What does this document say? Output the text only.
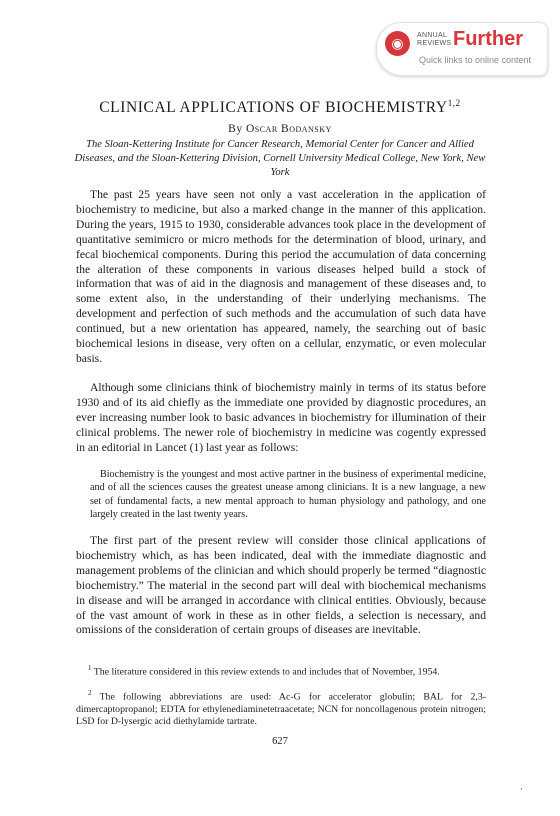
◉	ANNUAL
REVIEWS Further
Quick links to online content
CLINICAL APPLICATIONS OF BIOCHEMISTRY$^{1,2}$
By Oscar Bodansky
The Sloan-Kettering Institute for Cancer Research, Memorial Center for Cancer and Allied Diseases, and the Sloan-Kettering Division, Cornell University Medical College, New York, New York

The past 25 years have seen not only a vast acceleration in the application of biochemistry to medicine, but also a marked change in the manner of this application. During the years, 1915 to 1930, considerable advances took place in the development of quantitative semimicro or micro methods for the determination of blood, urinary, and fecal biochemical components. During this period the accumulation of data concerning the alteration of these components in various diseases helped build a stock of information that was of aid in the diagnosis and management of these diseases and, to some extent also, in the understanding of their underlying mechanisms. The development and perfection of such methods and the accumulation of such data have continued, but a new orientation has appeared, namely, the searching out of basic biochemical lesions in disease, very often on a cellular, enzymatic, or even molecular basis.

Although some clinicians think of biochemistry mainly in terms of its status before 1930 and of its aid chiefly as the immediate one provided by diagnostic procedures, an ever increasing number look to basic advances in biochemistry for illumination of their clinical problems. The newer role of biochemistry in medicine was cogently expressed in an editorial in Lancet (1) last year as follows:

Biochemistry is the youngest and most active partner in the business of experimental medicine, and of all the sciences causes the greatest unease among clinicians. It is a new language, a new set of fundamental facts, a new mental approach to human physiology and pathology, and one largely created in the last twenty years.

The first part of the present review will consider those clinical applications of biochemistry which, as has been indicated, deal with the immediate diagnostic and management problems of the clinician and which should properly be termed “diagnostic biochemistry.” The material in the second part will deal with biochemical mechanisms in disease and will be arranged in accordance with clinical entities. Obviously, because of the vast amount of work in these as in other fields, a selection is necessary, and omissions of the consideration of certain groups of diseases are inevitable.

$^1$ The literature considered in this review extends to and includes that of November, 1954.

$^2$ The following abbreviations are used: Ac-G for accelerator globulin; BAL for 2,3-dimercaptopropanol; EDTA for ethylenediaminetetraacetate; NCN for noncollagenous protein nitrogen; LSD for D-lysergic acid diethylamide tartrate.

627
